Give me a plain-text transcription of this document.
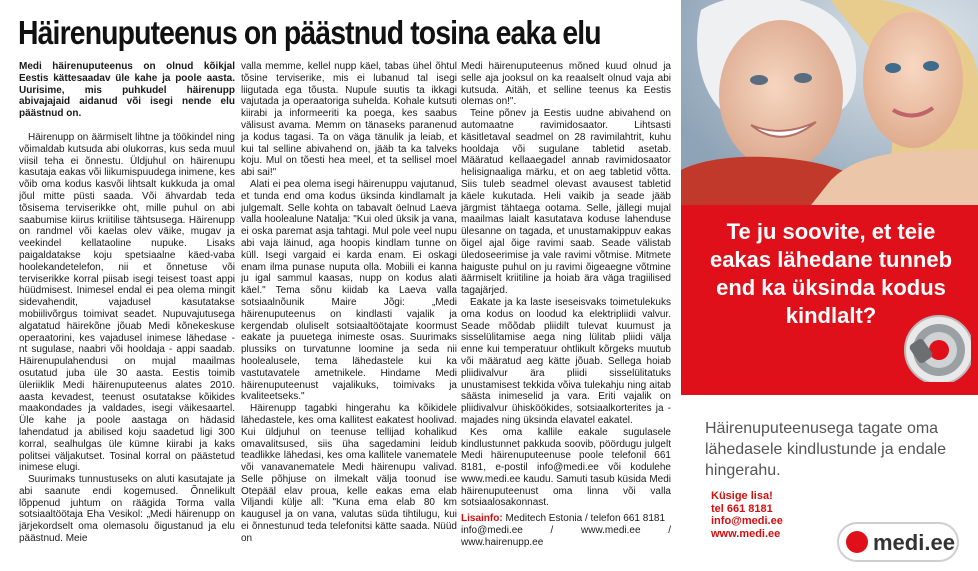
Häirenuputeenus on päästnud tosina eaka elu

Medi häirenuputeenus on olnud kõikjal Eestis kättesaadav üle kahe ja poole aasta. Uurisime, mis puhkudel häirenupp abivajajaid aidanud või isegi nende elu päästnud on.

Häirenupp on äärmiselt lihtne ja töökindel ning võimaldab kutsuda abi olukorras, kus seda muul viisil teha ei õnnestu. Üldjuhul on häirenupu kasutaja eakas või liikumispuudega inimene, kes võib oma kodus kasvõi lihtsalt kukkuda ja omal jõul mitte püsti saada. Või ähvardab teda tõsisema terviserikke oht, mille puhul on abi saabumise kiirus kriitilise tähtsusega. Häirenupp on randmel või kaelas olev väike, mugav ja veekindel kellataoline nupuke. Lisaks paigaldatakse koju spetsiaalne käed-vaba hoolekandetelefon, nii et õnnetuse või terviserikke korral piisab isegi teisest toast appi hüüdmisest. Inimesel endal ei pea olema mingit sidevahendit, vajadusel kasutatakse mobiilivõrgus toimivat seadet. Nupuvajutusega algatatud häirekõne jõuab Medi kõnekeskuse operaatorini, kes vajadusel inimese lähedase - nt sugulase, naabri või hooldaja - appi saadab. Häirenupulahendusi on mujal maailmas osutatud juba üle 30 aasta. Eestis toimib üleriiklik Medi häirenuputeenus alates 2010. aasta kevadest, teenust osutatakse kõikides maakondades ja valdades, isegi väikesaartel. Üle kahe ja poole aastaga on hädasid lahendatud ja abilised koju saadetud ligi 300 korral, sealhulgas üle kümne kiirabi ja kaks politsei väljakutset. Tosinal korral on päästetud inimese elugi.

Suurimaks tunnustuseks on aluti kasutajate ja abi saanute endi kogemused. Õnnelikult lõppenud juhtum on räägida Torma valla sotsiaaltöötaja Eha Vesikol: „Medi häirenupp on järjekordselt oma olemasolu õigustanud ja elu päästnud. Meie

valla memme, kellel nupp käel, tabas ühel õhtul tõsine terviserike, mis ei lubanud tal isegi liigutada ega tõusta. Nupule suutis ta ikkagi vajutada ja operaatoriga suhelda. Kohale kutsuti kiirabi ja informeeriti ka poega, kes saabus välisust avama. Memm on tänaseks paranenud ja kodus tagasi. Ta on väga tänulik ja leiab, et kui tal selline abivahend on, jääb ta ka talveks koju. Mul on tõesti hea meel, et ta sellisel moel abi sai!"

Alati ei pea olema isegi häirenuppu vajutanud, et tunda end oma kodus üksinda kindlamalt ja julgemalt. Selle kohta on tabavalt öelnud Laeva valla hoolealune Natalja: "Kui oled üksik ja vana, ei oska paremat asja tahtagi. Mul pole veel nupu abi vaja läinud, aga hoopis kindlam tunne on küll. Isegi vargaid ei karda enam. Ei oskagi enam ilma punase nuputa olla. Mobiili ei kanna ju igal sammul kaasas, nupp on kodus alati käel." Tema sõnu kiidab ka Laeva valla sotsiaalnõunik Maire Jõgi: „Medi häirenuputeenus on kindlasti vajalik ja kergendab oluliselt sotsiaaltöötajate koormust eakate ja puuetega inimeste osas. Suurimaks plussiks on turvatunne loomine ja seda nii hoolealusele, tema lähedastele kui ka vastutavatele ametnikele. Hindame Medi häirenuputeenust vajalikuks, toimivaks ja kvaliteetseks."

Häirenupp tagabki hingerahu ka kõikidele lähedastele, kes oma kallitest eakatest hoolivad. Kui üldjuhul on teenuse tellijad kohalikud omavalitsused, siis üha sagedamini leidub teadlikke lähedasi, kes oma kallitele vanematele või vanavanematele Medi häirenupu valivad. Selle põhjuse on ilmekalt välja toonud ise Otepääl elav proua, kelle eakas ema elab Viljandi külje all: "Kuna ema elab 80 km kaugusel ja on vana, valutas süda tihtilugu, kui ei õnnestunud teda telefonitsi kätte saada. Nüüd on

Medi häirenuputeenus mõned kuud olnud ja selle aja jooksul on ka reaalselt olnud vaja abi kutsuda. Aitäh, et selline teenus ka Eestis olemas on!".

Teine põnev ja Eestis uudne abivahend on automaatne ravimidosaator. Lihtsasti käsitletaval seadmel on 28 ravimilahtrit, kuhu hooldaja või sugulane tabletid asetab. Määratud kellaaegadel annab ravimidosaator helisignaaliga märku, et on aeg tabletid võtta. Siis tuleb seadmel olevast avausest tabletid käele kukutada. Heli vaikib ja seade jääb järgmist tähtaega ootama. Selle, jällegi mujal maailmas laialt kasutatava koduse lahenduse ülesanne on tagada, et unustamakippuv eakas õigel ajal õige ravimi saab. Seade välistab üledoseerimise ja vale ravimi võtmise. Mitmete haiguste puhul on ju ravimi õigeaegne võtmine äärmiselt kriitiline ja hoiab ära väga tragiilised tagajärjed.

Eakate ja ka laste iseseisvaks toimetulekuks oma kodus on loodud ka elektripliidi valvur. Seade mõõdab pliidilt tulevat kuumust ja sisselülitamise aega ning lülitab pliidi välja enne kui temperatuur ohtlikult kõrgeks muutub või määratud aeg kätte jõuab. Sellega hoiab pliidivalvur ära pliidi sisselülitatuks unustamisest tekkida võiva tulekahju ning aitab säästa inimeselid ja vara. Eriti vajalik on pliidivalvur ühisköökides, sotsiaalkorterites ja -majades ning üksinda elavatel eakatel.

Kes oma kallile eakale sugulasele kindlustunnet pakkuda soovib, pöördugu julgelt Medi häirenuputeenuse poole telefonil 661 8181, e-postil info@medi.ee või kodulehe www.medi.ee kaudu. Samuti tasub küsida Medi häirenuputeenust oma linna või valla sotsiaalosakonnast.

Lisainfo: Meditech Estonia / telefon 661 8181
info@medi.ee / www.medi.ee / www.hairenupp.ee
Te ju soovite, et teie eakas lähedane tunneb end ka üksinda kodus kindlalt?

Häirenuputeenusega tagate oma lähedasele kindlustunde ja endale hingerahu.

Küsige lisa!
tel 661 8181
info@medi.ee
www.medi.ee	medi.ee
